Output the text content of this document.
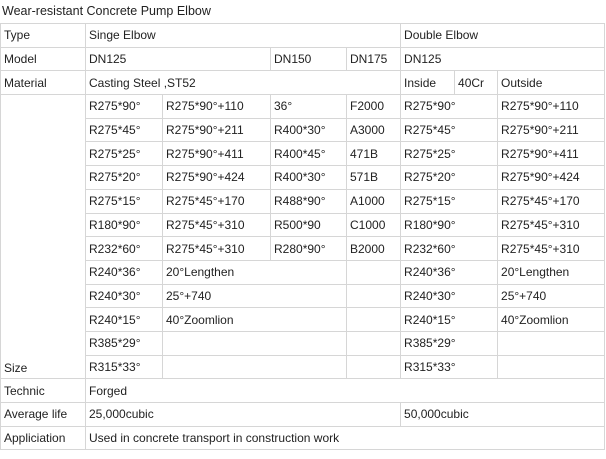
Wear-resistant Concrete Pump Elbow
Type	Singe Elbow				Double Elbow		
Model	DN125		DN150	DN175	DN125		
Material	Casting Steel ,ST52				Inside	40Cr	Outside
Size	R275*90°	R275*90°+110	36°	F2000	R275*90°		R275*90°+110
	R275*45°	R275*90°+211	R400*30°	A3000	R275*45°		R275*90°+211
	R275*25°	R275*90°+411	R400*45°	471B	R275*25°		R275*90°+411
	R275*20°	R275*90°+424	R400*30°	571B	R275*20°		R275*90°+424
	R275*15°	R275*45°+170	R488*90°	A1000	R275*15°		R275*45°+170
	R180*90°	R275*45°+310	R500*90	C1000	R180*90°		R275*45°+310
	R232*60°	R275*45°+310	R280*90°	B2000	R232*60°		R275*45°+310
	R240*36°	20°Lengthen			R240*36°		20°Lengthen
	R240*30°	25°+740			R240*30°		25°+740
	R240*15°	40°Zoomlion			R240*15°		40°Zoomlion
	R385*29°				R385*29°		
	R315*33°				R315*33°		
Technic	Forged						
Average life	25,000cubic				50,000cubic		
Appliciation	Used in concrete transport in construction work						
